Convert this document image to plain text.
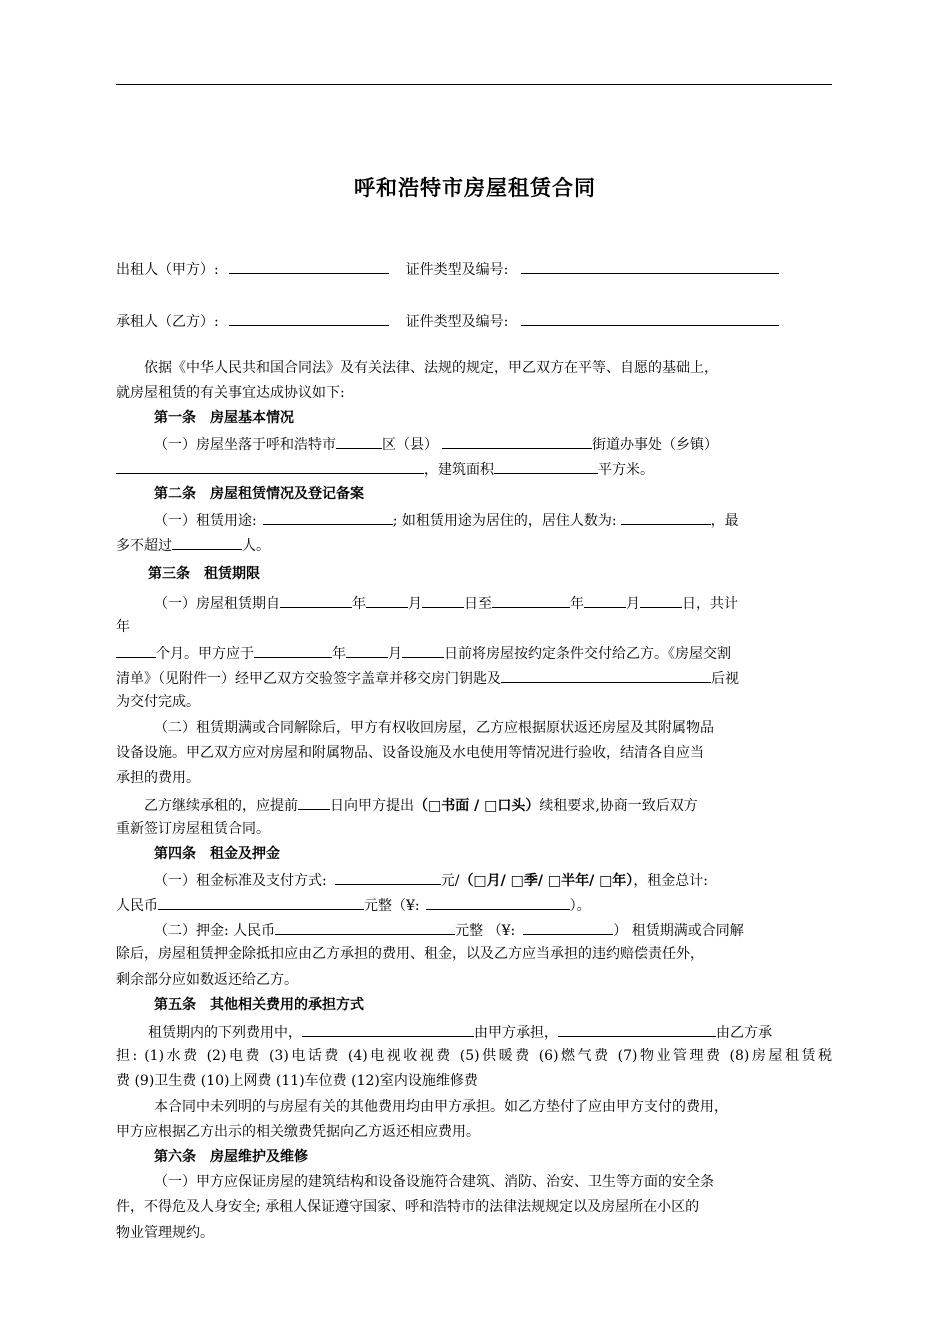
呼和浩特市房屋租赁合同
出租人（甲方）:	证件类型及编号:
承租人（乙方）:	证件类型及编号:
依据《中华人民共和国合同法》及有关法律、法规的规定，甲乙双方在平等、自愿的基础上，
就房屋租赁的有关事宜达成协议如下:
第一条　房屋基本情况
（一）房屋坐落于呼和浩特市	区（县）	街道办事处（乡镇）
，建筑面积	平方米。
第二条　房屋租赁情况及登记备案
（一）租赁用途:	; 如租赁用途为居住的，居住人数为:	，最
多不超过	人。
第三条　租赁期限
（一）房屋租赁期自	年	月	日至	年	月	日，共计
年
个月。甲方应于	年	月	日前将房屋按约定条件交付给乙方。《房屋交割
清单》（见附件一）经甲乙双方交验签字盖章并移交房门钥匙及	后视
为交付完成。
（二）租赁期满或合同解除后，甲方有权收回房屋，乙方应根据原状返还房屋及其附属物品
设备设施。甲乙双方应对房屋和附属物品、设备设施及水电使用等情况进行验收，结清各自应当
承担的费用。
乙方继续承租的，应提前 日向甲方提出（□书面 / □口头）续租要求,协商一致后双方
重新签订房屋租赁合同。
第四条　租金及押金
（一）租金标准及支付方式:	元/（□月/ □季/ □半年/ □年），租金总计:
人民币	元整（¥:	）。
（二）押金: 人民币	元整 （¥:	） 租赁期满或合同解
除后，房屋租赁押金除抵扣应由乙方承担的费用、租金，以及乙方应当承担的违约赔偿责任外，
剩余部分应如数返还给乙方。
第五条　其他相关费用的承担方式
租赁期内的下列费用中，	由甲方承担，	由乙方承
担: (1)水费 (2)电费 (3)电话费 (4)电视收视费 (5)供暖费 (6)燃气费 (7)物业管理费 (8)房屋租赁税
费 (9)卫生费 (10)上网费 (11)车位费 (12)室内设施维修费
本合同中未列明的与房屋有关的其他费用均由甲方承担。如乙方垫付了应由甲方支付的费用，
甲方应根据乙方出示的相关缴费凭据向乙方返还相应费用。
第六条　房屋维护及维修
（一）甲方应保证房屋的建筑结构和设备设施符合建筑、消防、治安、卫生等方面的安全条
件，不得危及人身安全; 承租人保证遵守国家、呼和浩特市的法律法规规定以及房屋所在小区的
物业管理规约。
